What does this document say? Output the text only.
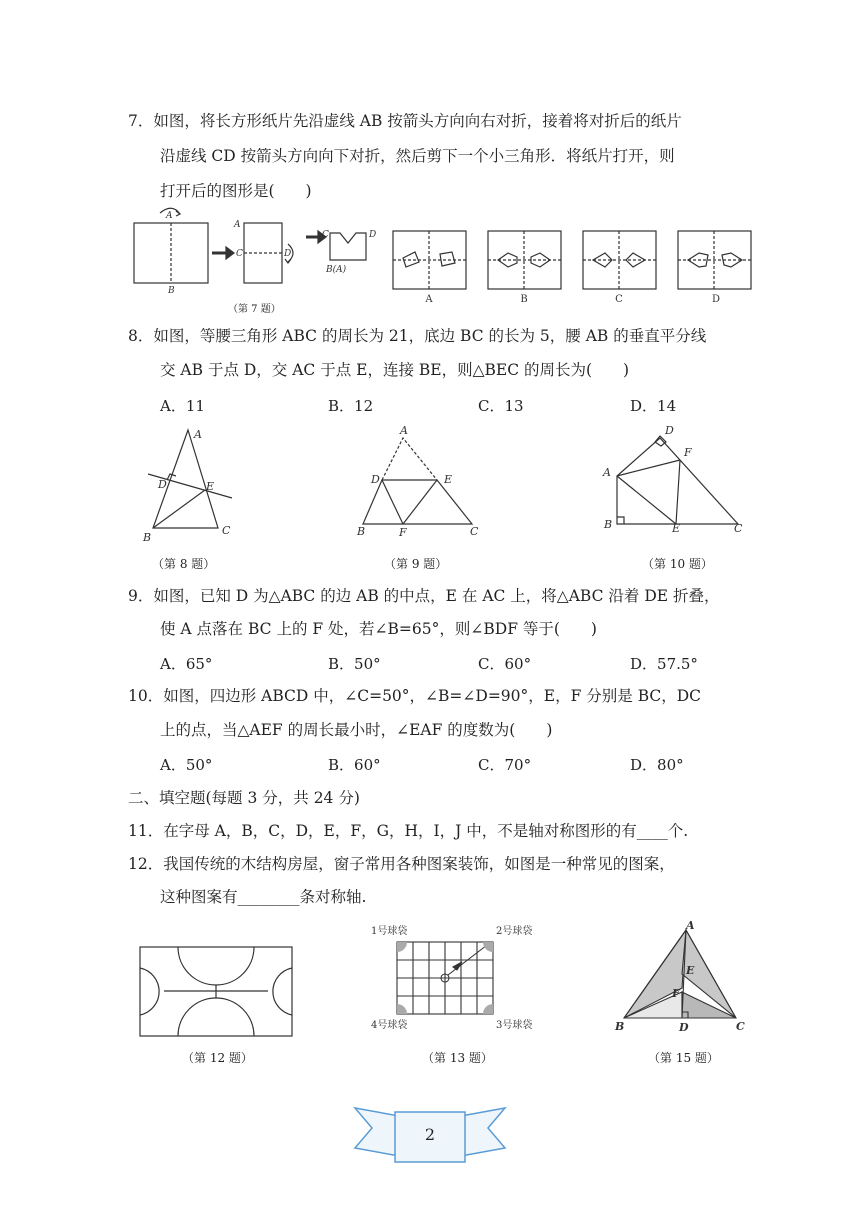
7．如图，将长方形纸片先沿虚线 AB 按箭头方向向右对折，接着将对折后的纸片
沿虚线 CD 按箭头方向向下对折，然后剪下一个小三角形．将纸片打开，则
打开后的图形是(　　)
A
B
A
C	D
C	D
B(A)
A	B	C	D
（第 7 题）
8．如图，等腰三角形 ABC 的周长为 21，底边 BC 的长为 5，腰 AB 的垂直平分线
交 AB 于点 D，交 AC 于点 E，连接 BE，则△BEC 的周长为(　　)
A．11	B．12	C．13	D．14
A
B
C
D	E
A
B	C
D	E
F
A
B	C
D
E
F
（第 8 题）	（第 9 题）	（第 10 题）
9．如图，已知 D 为△ABC 的边 AB 的中点，E 在 AC 上，将△ABC 沿着 DE 折叠，
使 A 点落在 BC 上的 F 处，若∠B=65°，则∠BDF 等于(　　)
A．65°	B．50°	C．60°	D．57.5°
10．如图，四边形 ABCD 中，∠C=50°，∠B=∠D=90°，E，F 分别是 BC，DC
上的点，当△AEF 的周长最小时，∠EAF 的度数为(　　)
A．50°	B．60°	C．70°	D．80°
二、填空题(每题 3 分，共 24 分)
11．在字母 A，B，C，D，E，F，G，H，I，J 中，不是轴对称图形的有____个.
12．我国传统的木结构房屋，窗子常用各种图案装饰，如图是一种常见的图案，
这种图案有________条对称轴.
1号球袋	2号球袋
3号球袋
4号球袋
A
B	C
D
E
F
（第 12 题）	（第 13 题）	（第 15 题）
2
